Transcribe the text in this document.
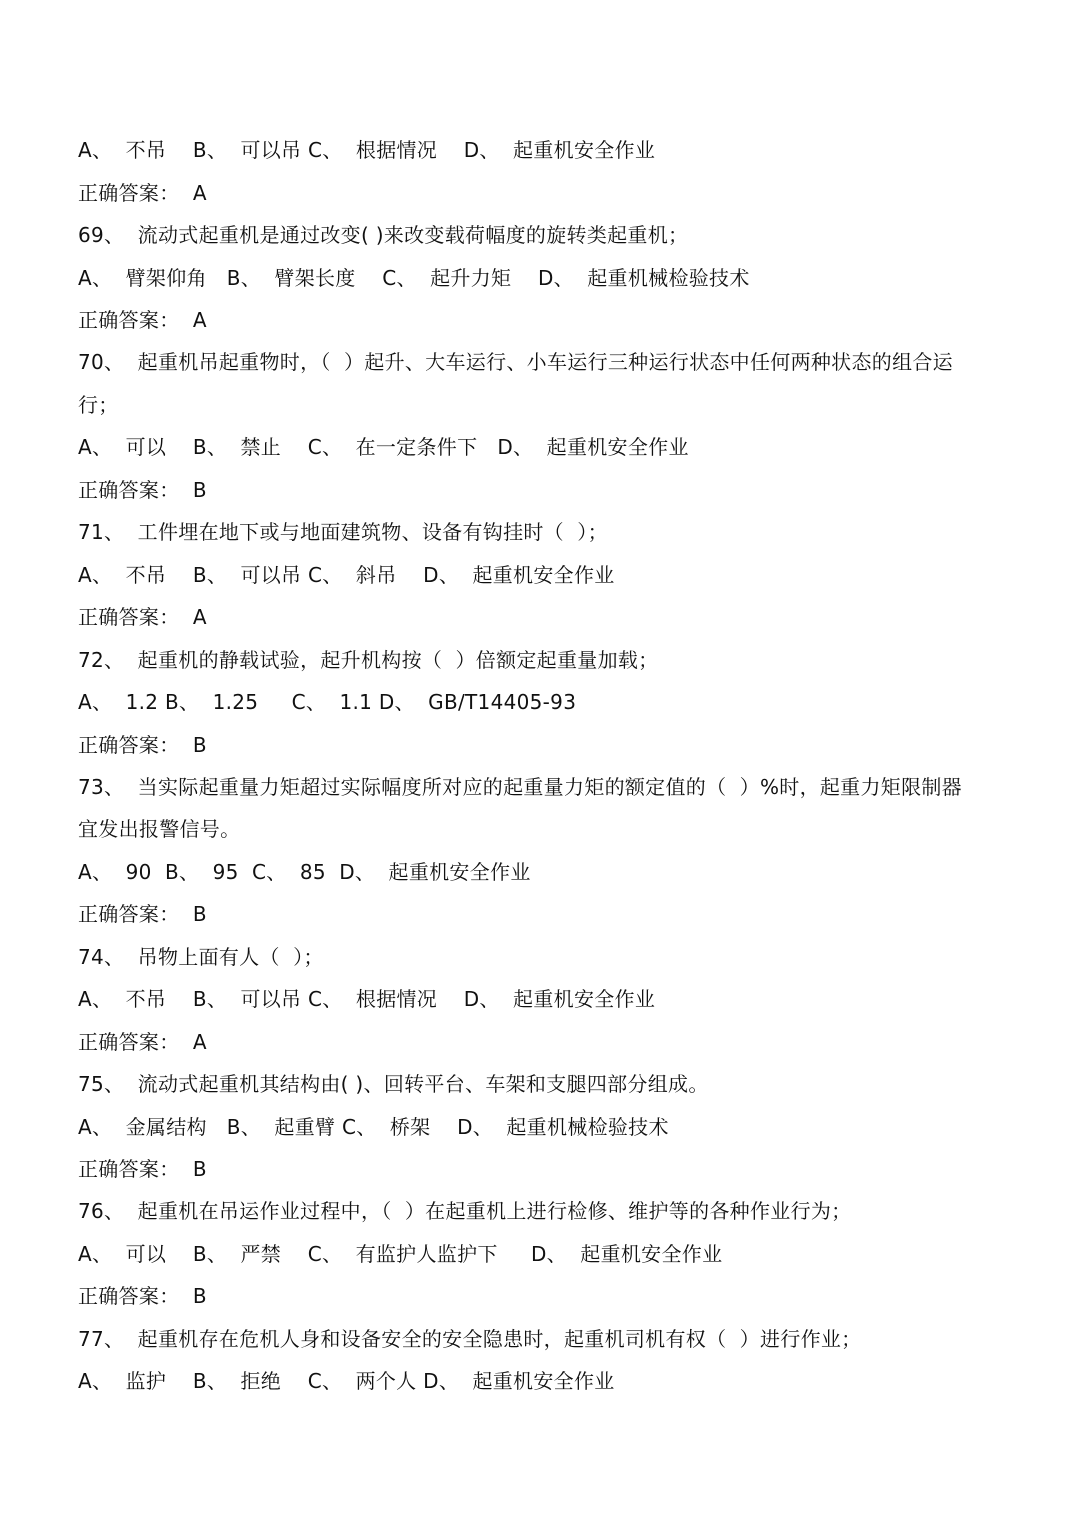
A、  不吊    B、  可以吊 C、  根据情况    D、  起重机安全作业
正确答案：  A
69、  流动式起重机是通过改变( )来改变载荷幅度的旋转类起重机；
A、  臂架仰角   B、  臂架长度    C、  起升力矩    D、  起重机械检验技术
正确答案：  A
70、  起重机吊起重物时，（  ）起升、大车运行、小车运行三种运行状态中任何两种状态的组合运
行；
A、  可以    B、  禁止    C、  在一定条件下   D、  起重机安全作业
正确答案：  B
71、  工件埋在地下或与地面建筑物、设备有钩挂时（  ）；
A、  不吊    B、  可以吊 C、  斜吊    D、  起重机安全作业
正确答案：  A
72、  起重机的静载试验，起升机构按（  ）倍额定起重量加载；
A、  1.2 B、  1.25     C、  1.1 D、  GB/T14405-93
正确答案：  B
73、  当实际起重量力矩超过实际幅度所对应的起重量力矩的额定值的（  ）%时，起重力矩限制器
宜发出报警信号。
A、  90  B、  95  C、  85  D、  起重机安全作业
正确答案：  B
74、  吊物上面有人（  ）；
A、  不吊    B、  可以吊 C、  根据情况    D、  起重机安全作业
正确答案：  A
75、  流动式起重机其结构由( )、回转平台、车架和支腿四部分组成。
A、  金属结构   B、  起重臂 C、  桥架    D、  起重机械检验技术
正确答案：  B
76、  起重机在吊运作业过程中，（  ）在起重机上进行检修、维护等的各种作业行为；
A、  可以    B、  严禁    C、  有监护人监护下     D、  起重机安全作业
正确答案：  B
77、  起重机存在危机人身和设备安全的安全隐患时，起重机司机有权（  ）进行作业；
A、  监护    B、  拒绝    C、  两个人 D、  起重机安全作业
